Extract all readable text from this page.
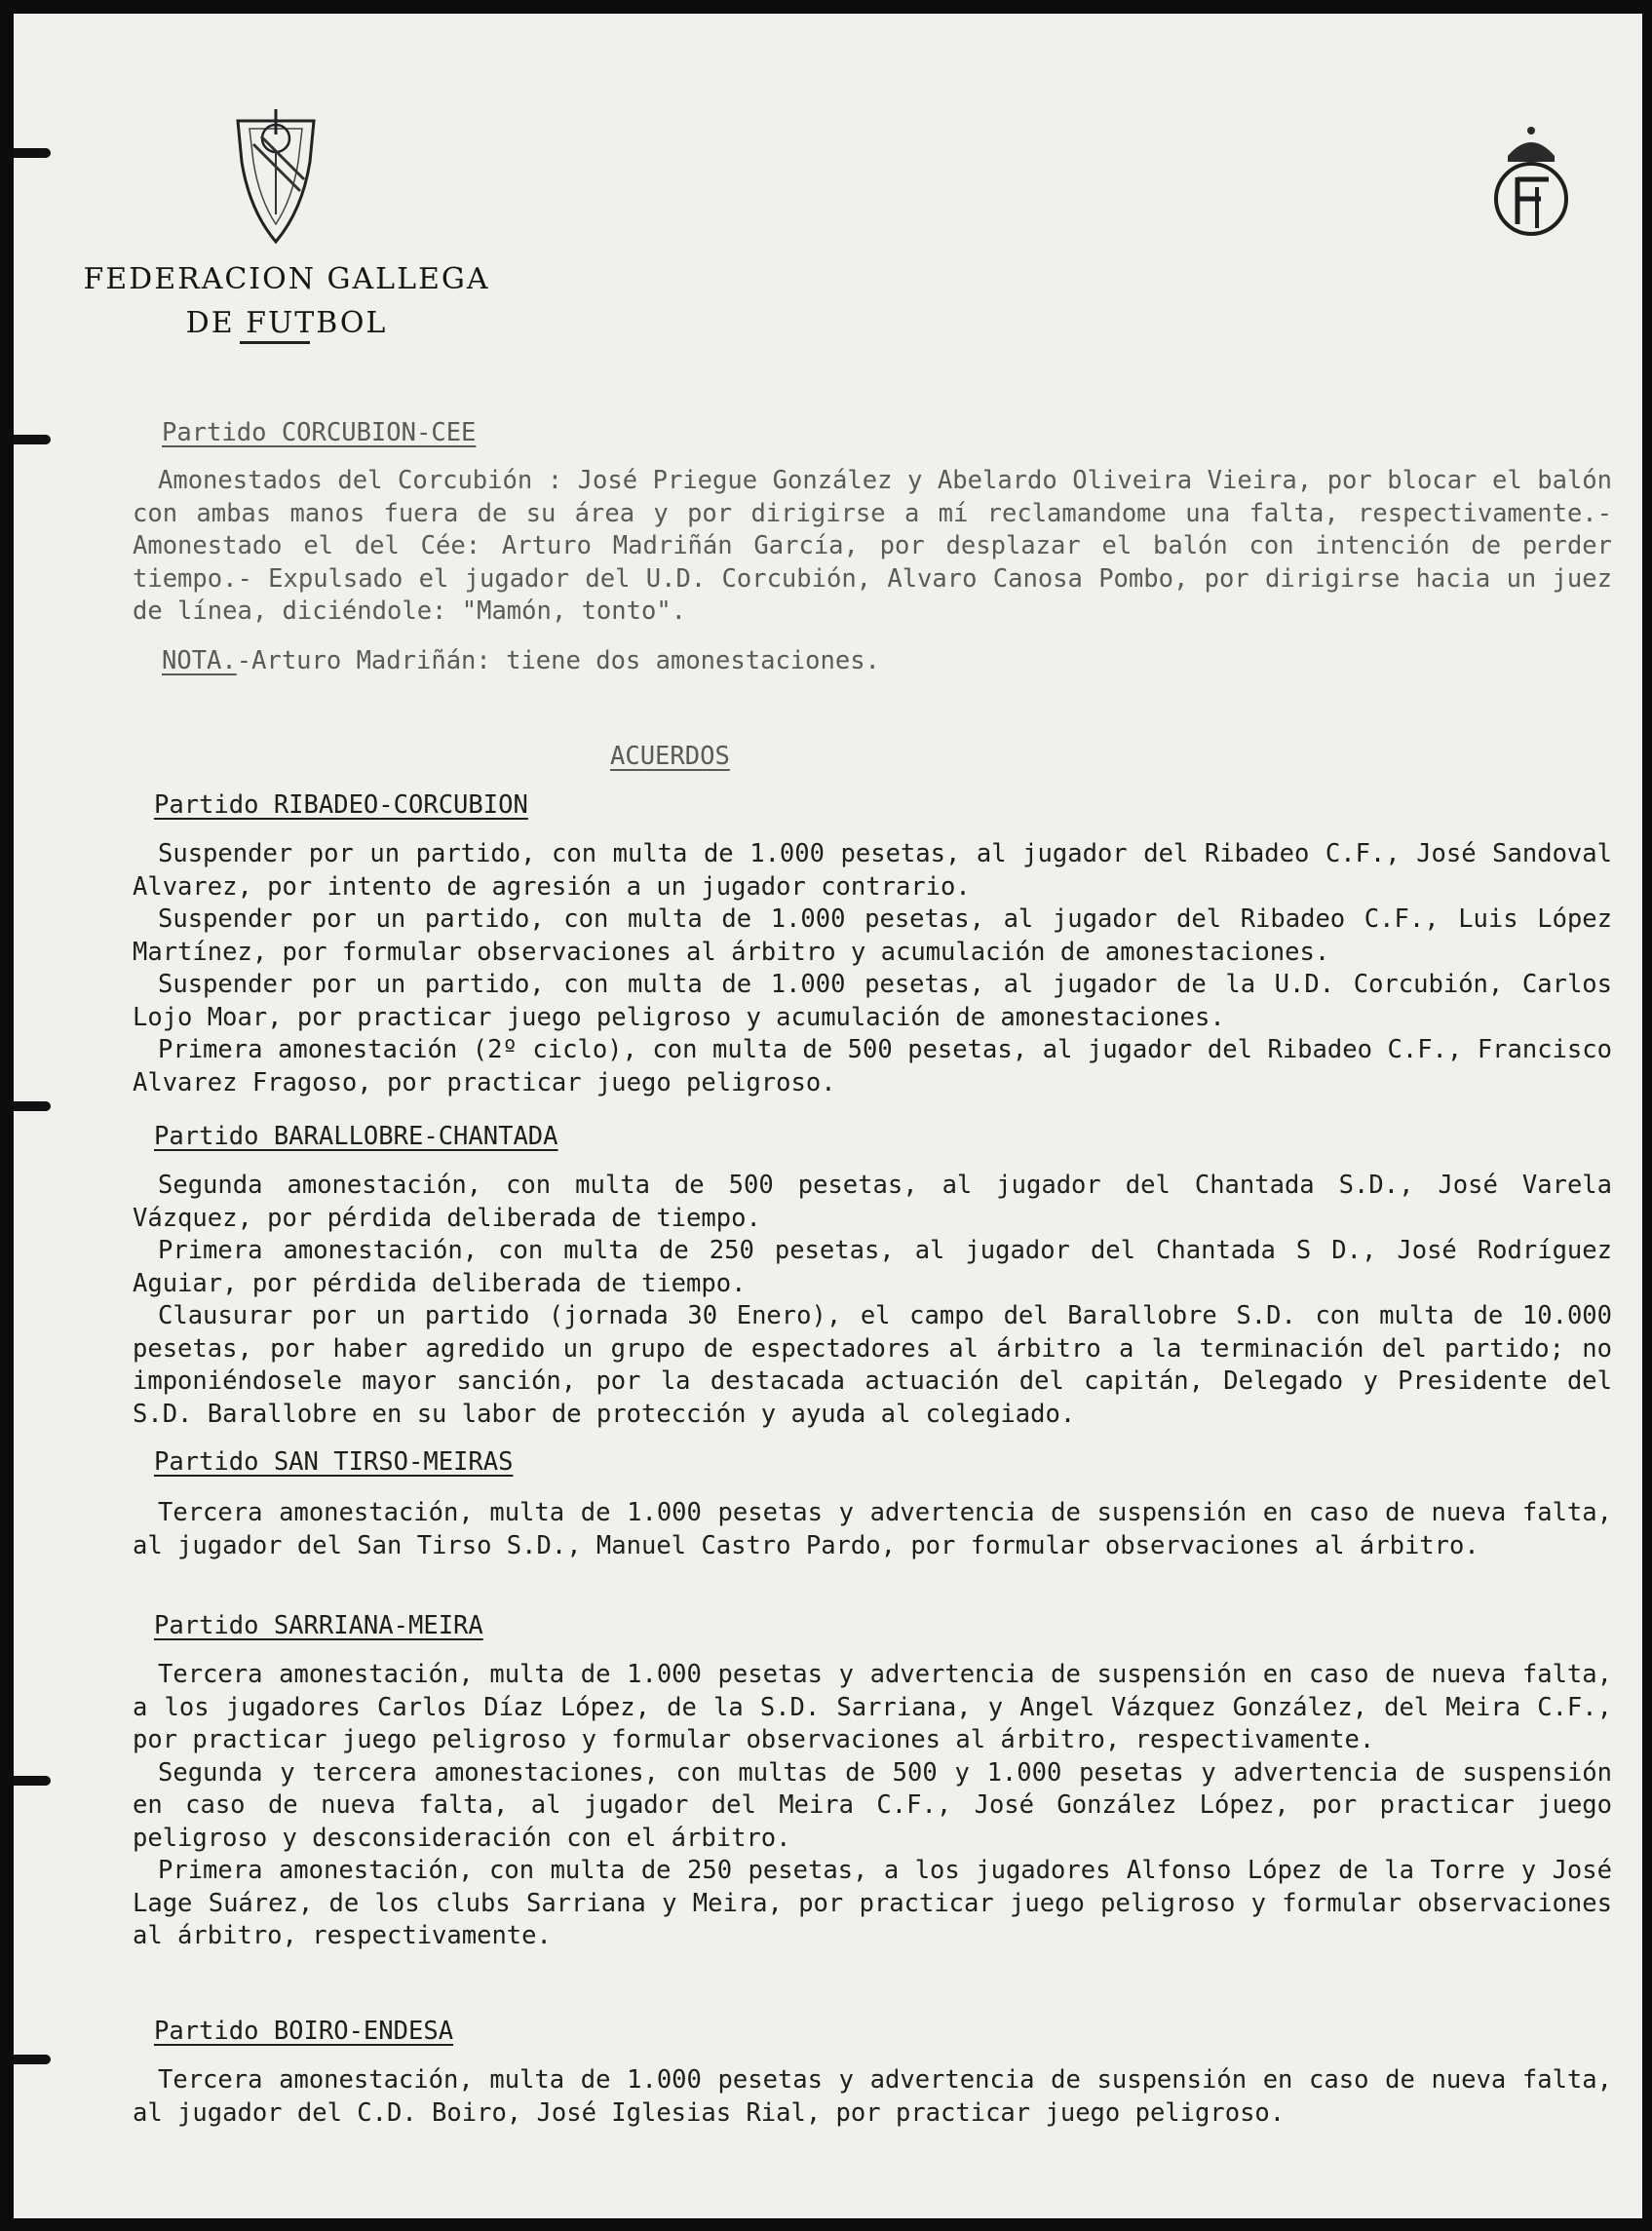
FEDERACION GALLEGA
DE FUTBOL
Partido CORCUBION-CEE

Amonestados del Corcubión : José Priegue González y Abelardo Oliveira Vieira, por blocar el balón con ambas manos fuera de su área y por dirigirse a mí reclamandome una falta, respectivamente.- Amonestado el del Cée: Arturo Madriñán García, por desplazar el balón con intención de perder tiempo.- Expulsado el jugador del U.D. Corcubión, Alvaro Canosa Pombo, por dirigirse hacia un juez de línea, diciéndole: "Mamón, tonto".

NOTA.-Arturo Madriñán: tiene dos amonestaciones.
ACUERDOS
Partido RIBADEO-CORCUBION

Suspender por un partido, con multa de 1.000 pesetas, al jugador del Ribadeo C.F., José Sandoval Alvarez, por intento de agresión a un jugador contrario.

Suspender por un partido, con multa de 1.000 pesetas, al jugador del Ribadeo C.F., Luis López Martínez, por formular observaciones al árbitro y acumulación de amonestaciones.

Suspender por un partido, con multa de 1.000 pesetas, al jugador de la U.D. Corcubión, Carlos Lojo Moar, por practicar juego peligroso y acumulación de amonestaciones.

Primera amonestación (2º ciclo), con multa de 500 pesetas, al jugador del Ribadeo C.F., Francisco Alvarez Fragoso, por practicar juego peligroso.

Partido BARALLOBRE-CHANTADA

Segunda amonestación, con multa de 500 pesetas, al jugador del Chantada S.D., José Varela Vázquez, por pérdida deliberada de tiempo.

Primera amonestación, con multa de 250 pesetas, al jugador del Chantada S D., José Rodríguez Aguiar, por pérdida deliberada de tiempo.

Clausurar por un partido (jornada 30 Enero), el campo del Barallobre S.D. con multa de 10.000 pesetas, por haber agredido un grupo de espectadores al árbitro a la terminación del partido; no imponiéndosele mayor sanción, por la destacada actuación del capitán, Delegado y Presidente del S.D. Barallobre en su labor de protección y ayuda al colegiado.

Partido SAN TIRSO-MEIRAS

Tercera amonestación, multa de 1.000 pesetas y advertencia de suspensión en caso de nueva falta, al jugador del San Tirso S.D., Manuel Castro Pardo, por formular observaciones al árbitro.

Partido SARRIANA-MEIRA

Tercera amonestación, multa de 1.000 pesetas y advertencia de suspensión en caso de nueva falta, a los jugadores Carlos Díaz López, de la S.D. Sarriana, y Angel Vázquez González, del Meira C.F., por practicar juego peligroso y formular observaciones al árbitro, respectivamente.

Segunda y tercera amonestaciones, con multas de 500 y 1.000 pesetas y advertencia de suspensión en caso de nueva falta, al jugador del Meira C.F., José González López, por practicar juego peligroso y desconsideración con el árbitro.

Primera amonestación, con multa de 250 pesetas, a los jugadores Alfonso López de la Torre y José Lage Suárez, de los clubs Sarriana y Meira, por practicar juego peligroso y formular observaciones al árbitro, respectivamente.

Partido BOIRO-ENDESA

Tercera amonestación, multa de 1.000 pesetas y advertencia de suspensión en caso de nueva falta, al jugador del C.D. Boiro, José Iglesias Rial, por practicar juego peligroso.
